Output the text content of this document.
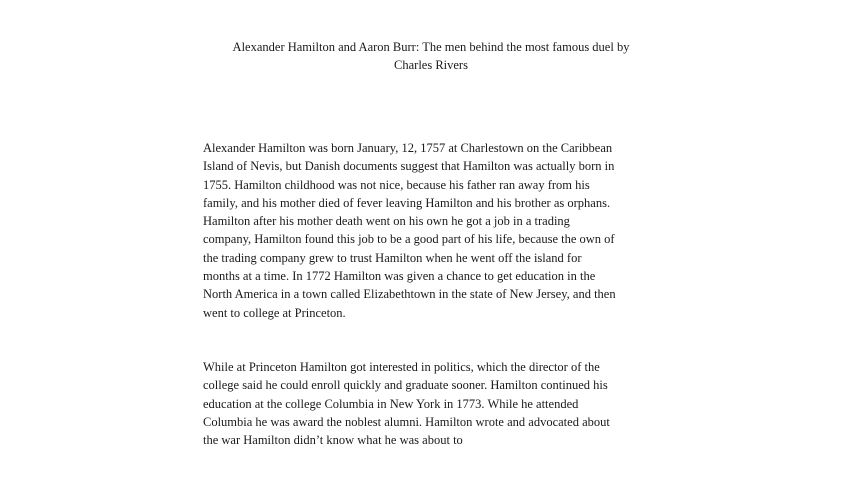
Alexander Hamilton and Aaron Burr: The men behind the most famous duel by
Charles Rivers
Alexander Hamilton was born January, 12, 1757 at Charlestown on the Caribbean
Island of Nevis, but Danish documents suggest that Hamilton was actually born in
1755. Hamilton childhood was not nice, because his father ran away from his
family, and his mother died of fever leaving Hamilton and his brother as orphans.
Hamilton after his mother death went on his own he got a job in a trading
company, Hamilton found this job to be a good part of his life, because the own of
the trading company grew to trust Hamilton when he went off the island for
months at a time. In 1772 Hamilton was given a chance to get education in the
North America in a town called Elizabethtown in the state of New Jersey, and then
went to college at Princeton.
While at Princeton Hamilton got interested in politics, which the director of the
college said he could enroll quickly and graduate sooner. Hamilton continued his
education at the college Columbia in New York in 1773. While he attended
Columbia he was award the noblest alumni. Hamilton wrote and advocated about
the war Hamilton didn’t know what he was about to
